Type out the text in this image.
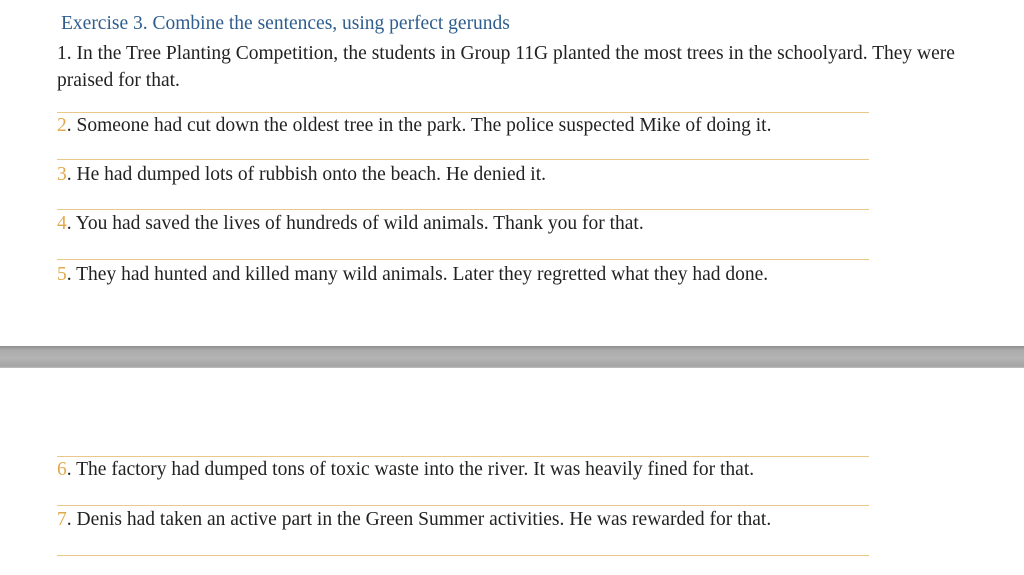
Exercise 3. Combine the sentences, using perfect gerunds
1. In the Tree Planting Competition, the students in Group 11G planted the most trees in the schoolyard. They were praised for that.
2. Someone had cut down the oldest tree in the park. The police suspected Mike of doing it.
3. He had dumped lots of rubbish onto the beach. He denied it.
4. You had saved the lives of hundreds of wild animals. Thank you for that.
5. They had hunted and killed many wild animals. Later they regretted what they had done.
6. The factory had dumped tons of toxic waste into the river. It was heavily fined for that.
7. Denis had taken an active part in the Green Summer activities. He was rewarded for that.
